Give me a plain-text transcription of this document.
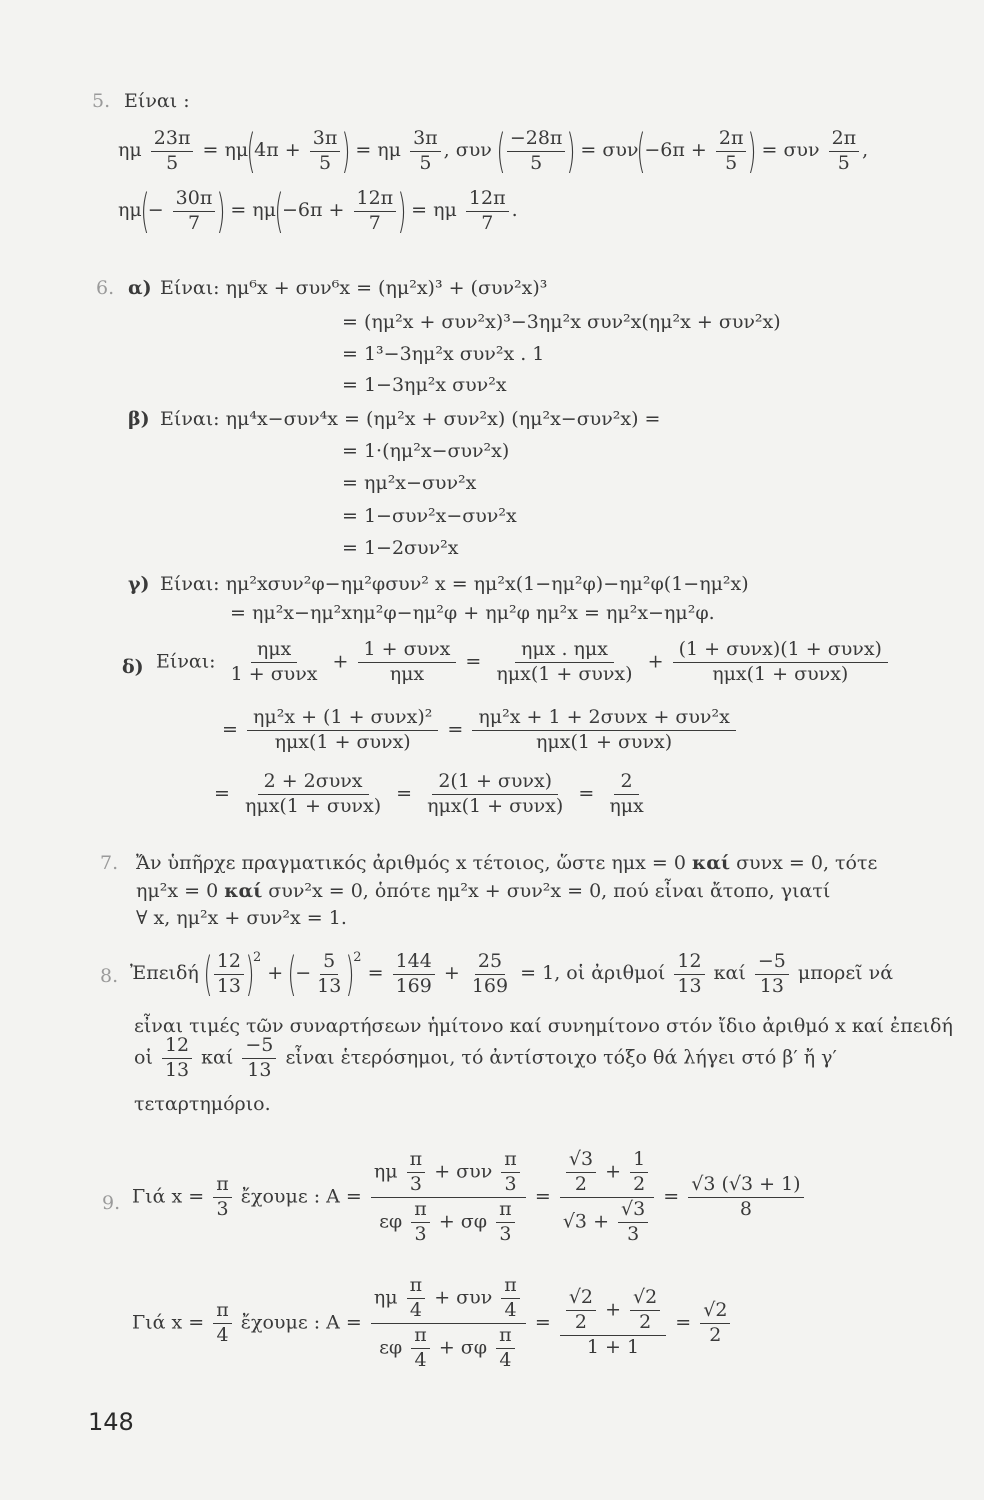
5. Είναι :
ημ $\frac{23\pi}{5} = \eta\mu(4\pi + \frac{3\pi}{5}$ ) = ημ $\frac{3\pi}{5}$ , συν ( $\frac{-28\pi}{5}$ ) = $\sigma\upsilon\nu(-6\pi + \frac{2\pi}{5}$ ) = συν $\frac{2\pi}{5}$ ,
$\eta\mu(- \frac{30\pi}{7}$ ) = $\eta\mu(-6\pi + \frac{12\pi}{7}$ ) = ημ $\frac{12\pi}{7}$ .
6. α) Είναι: ημ⁶x + συν⁶x = (ημ²x)³ + (συν²x)³
= (ημ²x + συν²x)³−3ημ²x συν²x(ημ²x + συν²x)
= 1³−3ημ²x συν²x . 1
= 1−3ημ²x συν²x
β) Είναι: ημ⁴x−συν⁴x = (ημ²x + συν²x) (ημ²x−συν²x) =
= 1·(ημ²x−συν²x)
= ημ²x−συν²x
= 1−συν²x−συν²x
= 1−2συν²x
γ) Είναι: ημ²xσυν²φ−ημ²φσυν² x = ημ²x(1−ημ²φ)−ημ²φ(1−ημ²x)
= ημ²x−ημ²xημ²φ−ημ²φ + ημ²φ ημ²x = ημ²x−ημ²φ.
δ) Είναι: $\frac{\text{ημx}}{\text{1 + συνx}} + \frac{\text{1 + συνx}}{\text{ημx}} = \frac{\text{ημx . ημx}}{\text{ημx(1 + συνx)}} + \frac{\text{(1 + συνx)(1 + συνx)}}{\text{ημx(1 + συνx)}}$
= $\frac{\text{ημ²x + (1 + συνx)²}}{\text{ημx(1 + συνx)}} = \frac{\text{ημ²x + 1 + 2συνx + συν²x}}{\text{ημx(1 + συνx)}}$
= $\frac{\text{2 + 2συνx}}{\text{ημx(1 + συνx)}} = \frac{\text{2(1 + συνx)}}{\text{ημx(1 + συνx)}} = \frac{2}{\text{ημx}}$
7. Ἄν ὑπῆρχε πραγματικός ἀριθμός x τέτοιος, ὥστε ημx = 0 καί συνx = 0, τότε
ημ²x = 0 καί συν²x = 0, ὁπότε ημ²x + συν²x = 0, πού εἶναι ἄτοπο, γιατί
∀ x, ημ²x + συν²x = 1.
8. Ἐπειδή ( $\frac{12}{13} )^2$ + (− $\frac{5}{13} )^2 = \frac{144}{169} + \frac{25}{169} = 1$, οἱ ἀριθμοί $\frac{12}{13}$ καί $\frac{-5}{13}$ μπορεῖ νά
εἶναι τιμές τῶν συναρτήσεων ἡμίτονο καί συνημίτονο στόν ἴδιο ἀριθμό x καί ἐπειδή
οἱ $\frac{12}{13}$ καί $\frac{-5}{13}$ εἶναι ἑτερόσημοι, τό ἀντίστοιχο τόξο θά λήγει στό β′ ἤ γ′
τεταρτημόριο.
9. Γιά $x = \frac{\pi}{3}$ ἔχουμε : $A = \frac{\eta\mu \frac{\pi}{3} + \sigma\upsilon\nu \frac{\pi}{3}}{\varepsilon\varphi \frac{\pi}{3} + \sigma\varphi \frac{\pi}{3}} = \frac{\frac{√3}{2} + \frac{1}{2}}{√3 + \frac{√3}{3}} = \frac{√3 (√3 + 1)}{8}$
Γιά $x = \frac{\pi}{4}$ ἔχουμε : $A = \frac{\eta\mu \frac{\pi}{4} + \sigma\upsilon\nu \frac{\pi}{4}}{\varepsilon\varphi \frac{\pi}{4} + \sigma\varphi \frac{\pi}{4}} = \frac{\frac{√2}{2} + \frac{√2}{2}}{1 + 1} = \frac{√2}{2}$
148
